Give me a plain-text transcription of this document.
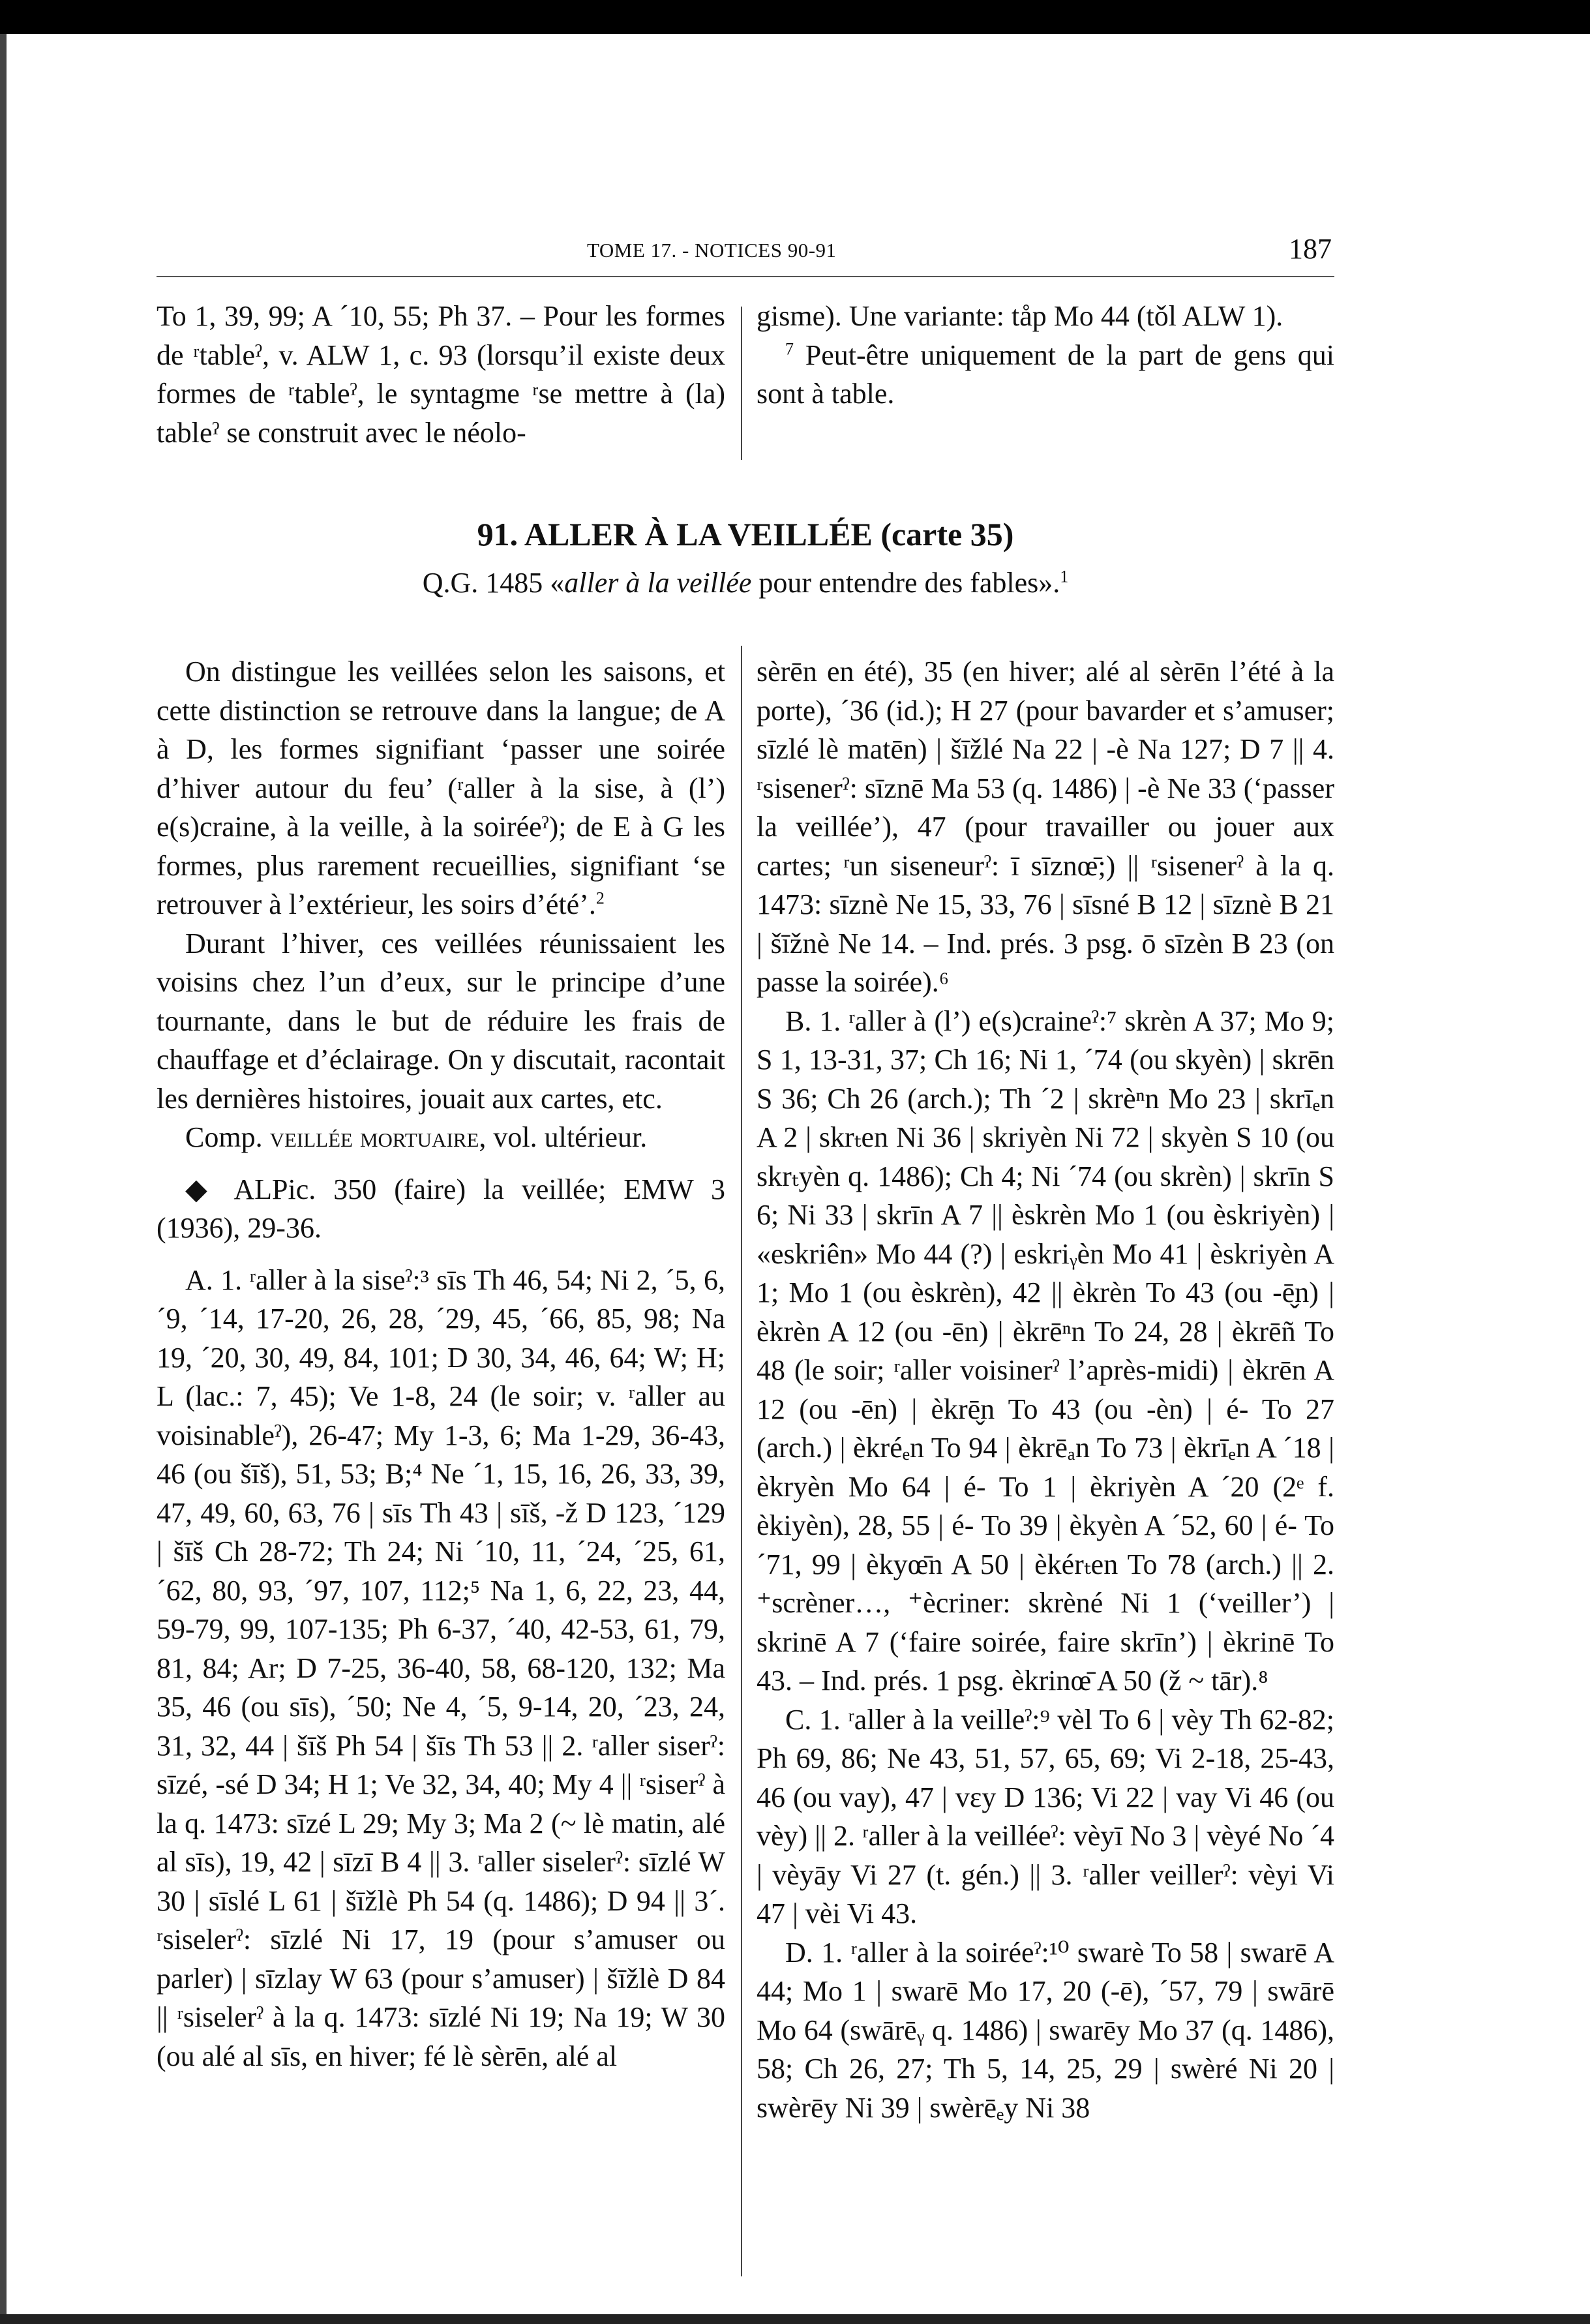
TOME 17. - NOTICES 90-91	187

To 1, 39, 99; A ´10, 55; Ph 37. – Pour les formes de ʳtableˀ, v. ALW 1, c. 93 (lorsqu’il existe deux formes de ʳtableˀ, le syntagme ʳse mettre à (la) tableˀ se construit avec le néolo-

gisme). Une variante: tåp Mo 44 (tǒl ALW 1).

$^7$ Peut-être uniquement de la part de gens qui sont à table.

91. ALLER À LA VEILLÉE (carte 35)
Q.G. 1485 «aller à la veillée pour entendre des fables».$^1$

On distingue les veillées selon les saisons, et cette distinction se retrouve dans la langue; de A à D, les formes signifiant ‘passer une soirée d’hiver autour du feu’ (ʳaller à la sise, à (l’) e(s)craine, à la veille, à la soiréeˀ); de E à G les formes, plus rarement recueillies, signifiant ‘se retrouver à l’extérieur, les soirs d’été’.$^2$

Durant l’hiver, ces veillées réunissaient les voisins chez l’un d’eux, sur le principe d’une tournante, dans le but de réduire les frais de chauffage et d’éclairage. On y discutait, racontait les dernières histoires, jouait aux cartes, etc.

Comp. veillée mortuaire, vol. ultérieur.

◆ ALPic. 350 (faire) la veillée; EMW 3 (1936), 29-36.

A. 1. ʳaller à la siseˀ:³ sīs Th 46, 54; Ni 2, ´5, 6, ´9, ´14, 17-20, 26, 28, ´29, 45, ´66, 85, 98; Na 19, ´20, 30, 49, 84, 101; D 30, 34, 46, 64; W; H; L (lac.: 7, 45); Ve 1-8, 24 (le soir; v. ʳaller au voisinableˀ), 26-47; My 1-3, 6; Ma 1-29, 36-43, 46 (ou šīš), 51, 53; B;⁴ Ne ´1, 15, 16, 26, 33, 39, 47, 49, 60, 63, 76 | sīs Th 43 | sīš, -ž D 123, ´129 | šīš Ch 28-72; Th 24; Ni ´10, 11, ´24, ´25, 61, ´62, 80, 93, ´97, 107, 112;⁵ Na 1, 6, 22, 23, 44, 59-79, 99, 107-135; Ph 6-37, ´40, 42-53, 61, 79, 81, 84; Ar; D 7-25, 36-40, 58, 68-120, 132; Ma 35, 46 (ou sīs), ´50; Ne 4, ´5, 9-14, 20, ´23, 24, 31, 32, 44 | šīš Ph 54 | šīs Th 53 || 2. ʳaller siserˀ: sīzé, -sé D 34; H 1; Ve 32, 34, 40; My 4 || ʳsiserˀ à la q. 1473: sīzé L 29; My 3; Ma 2 (~ lè matin, alé al sīs), 19, 42 | sīzī B 4 || 3. ʳaller siselerˀ: sīzlé W 30 | sīslé L 61 | šīžlè Ph 54 (q. 1486); D 94 || 3´. ʳsiselerˀ: sīzlé Ni 17, 19 (pour s’amuser ou parler) | sīzlay W 63 (pour s’amuser) | šīžlè D 84 || ʳsiselerˀ à la q. 1473: sīzlé Ni 19; Na 19; W 30 (ou alé al sīs, en hiver; fé lè sèrēn, alé al

sèrēn en été), 35 (en hiver; alé al sèrēn l’été à la porte), ´36 (id.); H 27 (pour bavarder et s’amuser; sīzlé lè matēn) | šīžlé Na 22 | -è Na 127; D 7 || 4. ʳsisenerˀ: sīznē Ma 53 (q. 1486) | -è Ne 33 (‘passer la veillée’), 47 (pour travailler ou jouer aux cartes; ʳun siseneurˀ: ī sīznœ̄;) || ʳsisenerˀ à la q. 1473: sīznè Ne 15, 33, 76 | sīsné B 12 | sīznè B 21 | šīžnè Ne 14. – Ind. prés. 3 psg. ō sīzèn B 23 (on passe la soirée).⁶

B. 1. ʳaller à (l’) e(s)craineˀ:⁷ skrèn A 37; Mo 9; S 1, 13-31, 37; Ch 16; Ni 1, ´74 (ou skyèn) | skrēn S 36; Ch 26 (arch.); Th ´2 | skrèⁿn Mo 23 | skrīₑn A 2 | skrₜen Ni 36 | skriyèn Ni 72 | skyèn S 10 (ou skrₜyèn q. 1486); Ch 4; Ni ´74 (ou skrèn) | skrīn S 6; Ni 33 | skrīn A 7 || èskrèn Mo 1 (ou èskriyèn) | «eskriên» Mo 44 (?) | eskriᵧèn Mo 41 | èskriyèn A 1; Mo 1 (ou èskrèn), 42 || èkrèn To 43 (ou -ē̬n) | èkrèn A 12 (ou -ēn) | èkrēⁿn To 24, 28 | èkrēñ To 48 (le soir; ʳaller voisinerˀ l’après-midi) | èkrēn A 12 (ou -ēn) | èkrē̬n To 43 (ou -èn) | é- To 27 (arch.) | èkréₑn To 94 | èkrēₐn To 73 | èkrīₑn A ´18 | èkryèn Mo 64 | é- To 1 | èkriyèn A ´20 (2ᵉ f. èkiyèn), 28, 55 | é- To 39 | èkyèn A ´52, 60 | é- To ´71, 99 | èkyœ̄n A 50 | èkérₜen To 78 (arch.) || 2. ⁺scrèner…, ⁺ècriner: skrèné Ni 1 (‘veiller’) | skrinē A 7 (‘faire soirée, faire skrīn’) | èkrinē To 43. – Ind. prés. 1 psg. èkrinœ̄ A 50 (ž ~ tār).⁸

C. 1. ʳaller à la veilleˀ:⁹ vèl To 6 | vèy Th 62-82; Ph 69, 86; Ne 43, 51, 57, 65, 69; Vi 2-18, 25-43, 46 (ou vay), 47 | vɛy D 136; Vi 22 | vay Vi 46 (ou vèy) || 2. ʳaller à la veilléeˀ: vèyī No 3 | vèyé No ´4 | vèyāy Vi 27 (t. gén.) || 3. ʳaller veillerˀ: vèyi Vi 47 | vèi Vi 43.

D. 1. ʳaller à la soiréeˀ:¹⁰ swarè To 58 | swarē A 44; Mo 1 | swarē Mo 17, 20 (-ē), ´57, 79 | swārē Mo 64 (swārēᵧ q. 1486) | swarēy Mo 37 (q. 1486), 58; Ch 26, 27; Th 5, 14, 25, 29 | swèré Ni 20 | swèrēy Ni 39 | swèrēₑy Ni 38
